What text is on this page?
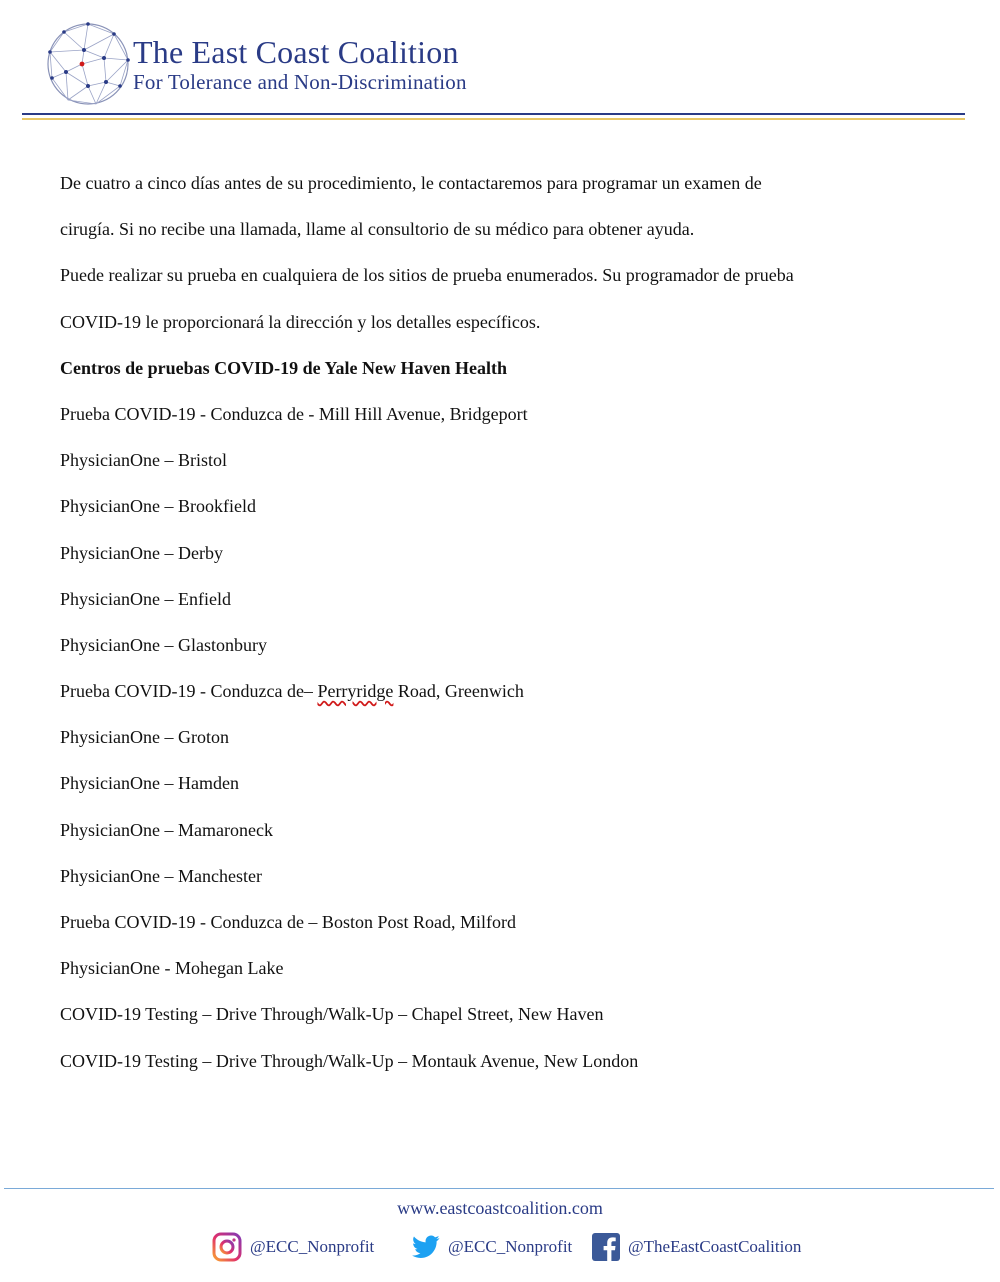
The East Coast Coalition
For Tolerance and Non-Discrimination
De cuatro a cinco días antes de su procedimiento, le contactaremos para programar un examen de
cirugía. Si no recibe una llamada, llame al consultorio de su médico para obtener ayuda.
Puede realizar su prueba en cualquiera de los sitios de prueba enumerados. Su programador de prueba
COVID-19 le proporcionará la dirección y los detalles específicos.
Centros de pruebas COVID-19 de Yale New Haven Health
Prueba COVID-19 - Conduzca de - Mill Hill Avenue, Bridgeport
PhysicianOne – Bristol
PhysicianOne – Brookfield
PhysicianOne – Derby
PhysicianOne – Enfield
PhysicianOne – Glastonbury
Prueba COVID-19 - Conduzca de– Perryridge Road, Greenwich
PhysicianOne – Groton
PhysicianOne – Hamden
PhysicianOne – Mamaroneck
PhysicianOne – Manchester
Prueba COVID-19 - Conduzca de – Boston Post Road, Milford
PhysicianOne - Mohegan Lake
COVID-19 Testing – Drive Through/Walk-Up – Chapel Street, New Haven
COVID-19 Testing – Drive Through/Walk-Up – Montauk Avenue, New London
www.eastcoastcoalition.com
@ECC_Nonprofit	@ECC_Nonprofit	@TheEastCoastCoalition
